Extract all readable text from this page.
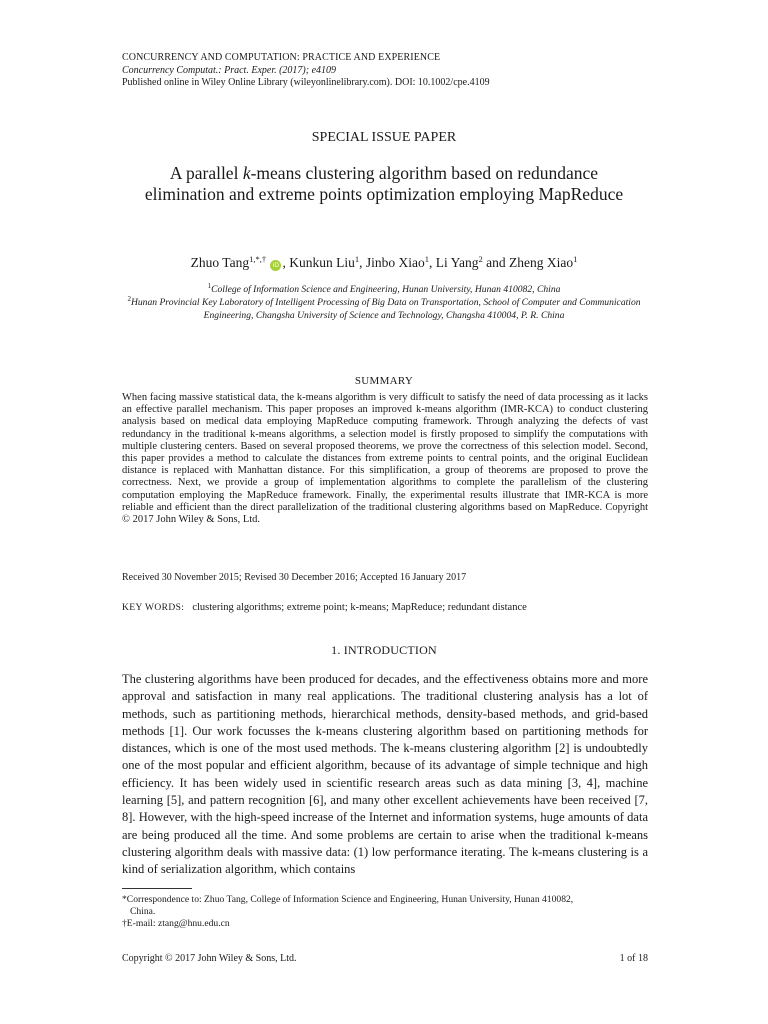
CONCURRENCY AND COMPUTATION: PRACTICE AND EXPERIENCE
Concurrency Computat.: Pract. Exper. (2017); e4109
Published online in Wiley Online Library (wileyonlinelibrary.com). DOI: 10.1002/cpe.4109
SPECIAL ISSUE PAPER
A parallel k-means clustering algorithm based on redundance elimination and extreme points optimization employing MapReduce
Zhuo Tang$^{1,*,\dagger}$ iD , Kunkun Liu$^1$, Jinbo Xiao$^1$, Li Yang$^2$ and Zheng Xiao$^1$
$^1$College of Information Science and Engineering, Hunan University, Hunan 410082, China
$^2$Hunan Provincial Key Laboratory of Intelligent Processing of Big Data on Transportation, School of Computer and Communication Engineering, Changsha University of Science and Technology, Changsha 410004, P. R. China
SUMMARY
When facing massive statistical data, the k-means algorithm is very difficult to satisfy the need of data processing as it lacks an effective parallel mechanism. This paper proposes an improved k-means algorithm (IMR-KCA) to conduct clustering analysis based on medical data employing MapReduce computing framework. Through analyzing the defects of vast redundancy in the traditional k-means algorithms, a selection model is firstly proposed to simplify the computations with multiple clustering centers. Based on several proposed theorems, we prove the correctness of this selection model. Second, this paper provides a method to calculate the distances from extreme points to central points, and the original Euclidean distance is replaced with Manhattan distance. For this simplification, a group of theorems are proposed to prove the correctness. Next, we provide a group of implementation algorithms to complete the parallelism of the clustering computation employing the MapReduce framework. Finally, the experimental results illustrate that IMR-KCA is more reliable and efficient than the direct parallelization of the traditional clustering algorithms based on MapReduce. Copyright © 2017 John Wiley & Sons, Ltd.
Received 30 November 2015; Revised 30 December 2016; Accepted 16 January 2017
KEY WORDS: clustering algorithms; extreme point; k-means; MapReduce; redundant distance
1. INTRODUCTION
The clustering algorithms have been produced for decades, and the effectiveness obtains more and more approval and satisfaction in many real applications. The traditional clustering analysis has a lot of methods, such as partitioning methods, hierarchical methods, density-based methods, and grid-based methods [1]. Our work focusses the k-means clustering algorithm based on partitioning methods for distances, which is one of the most used methods. The k-means clustering algorithm [2] is undoubtedly one of the most popular and efficient algorithm, because of its advantage of simple technique and high efficiency. It has been widely used in scientific research areas such as data mining [3, 4], machine learning [5], and pattern recognition [6], and many other excellent achievements have been received [7, 8]. However, with the high-speed increase of the Internet and information systems, huge amounts of data are being produced all the time. And some problems are certain to arise when the traditional k-means clustering algorithm deals with massive data: (1) low performance iterating. The k-means clustering is a kind of serialization algorithm, which contains
*Correspondence to: Zhuo Tang, College of Information Science and Engineering, Hunan University, Hunan 410082,
China.
†E-mail: ztang@hnu.edu.cn
Copyright © 2017 John Wiley & Sons, Ltd.	1 of 18
